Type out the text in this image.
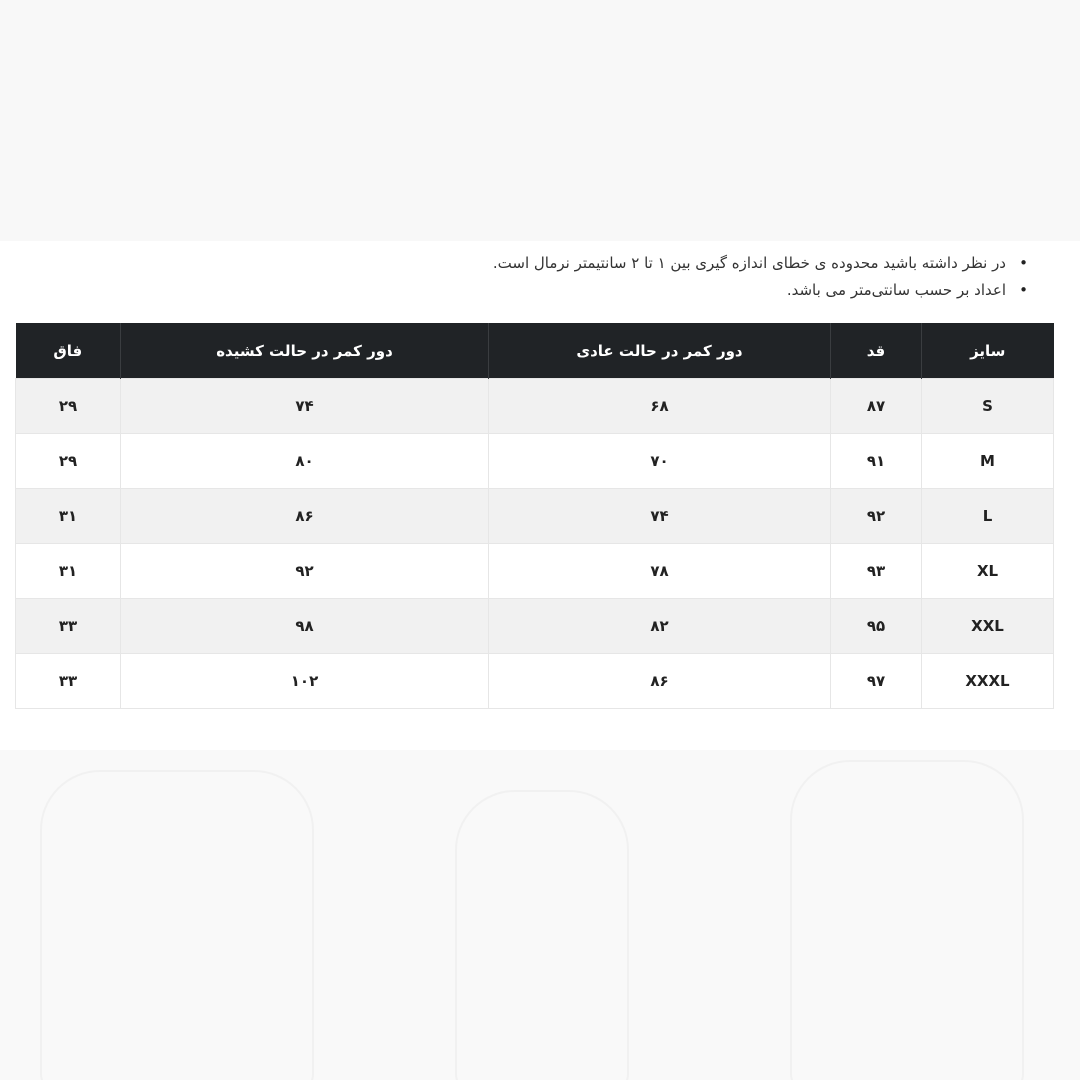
•
در نظر داشته باشید محدوده ی خطای اندازه گیری بین ۱ تا ۲ سانتیمتر نرمال است.
•
اعداد بر حسب سانتی‌متر می باشد.
سایز	قد	دور کمر در حالت عادی	دور کمر در حالت کشیده	فاق
S	۸۷	۶۸	۷۴	۲۹
M	۹۱	۷۰	۸۰	۲۹
L	۹۲	۷۴	۸۶	۳۱
XL	۹۳	۷۸	۹۲	۳۱
XXL	۹۵	۸۲	۹۸	۳۳
XXXL	۹۷	۸۶	۱۰۲	۳۳
